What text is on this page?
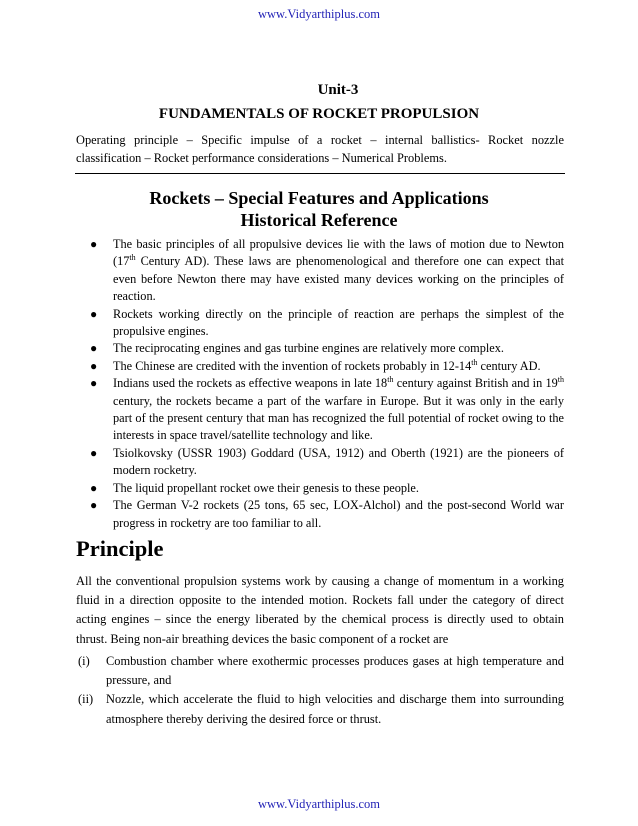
www.Vidyarthiplus.com
Unit-3
FUNDAMENTALS OF ROCKET PROPULSION
Operating principle – Specific impulse of a rocket – internal ballistics- Rocket nozzle classification – Rocket performance considerations – Numerical Problems.
Rockets – Special Features and Applications
Historical Reference
● The basic principles of all propulsive devices lie with the laws of motion due to Newton (17th Century AD). These laws are phenomenological and therefore one can expect that even before Newton there may have existed many devices working on the principles of reaction.
● Rockets working directly on the principle of reaction are perhaps the simplest of the propulsive engines.
● The reciprocating engines and gas turbine engines are relatively more complex.
● The Chinese are credited with the invention of rockets probably in 12-14th century AD.
● Indians used the rockets as effective weapons in late 18th century against British and in 19th century, the rockets became a part of the warfare in Europe. But it was only in the early part of the present century that man has recognized the full potential of rocket owing to the interests in space travel/satellite technology and like.
● Tsiolkovsky (USSR 1903) Goddard (USA, 1912) and Oberth (1921) are the pioneers of modern rocketry.
● The liquid propellant rocket owe their genesis to these people.
● The German V-2 rockets (25 tons, 65 sec, LOX-Alchol) and the post-second World war progress in rocketry are too familiar to all.
Principle

All the conventional propulsion systems work by causing a change of momentum in a working fluid in a direction opposite to the intended motion. Rockets fall under the category of direct acting engines – since the energy liberated by the chemical process is directly used to obtain thrust. Being non-air breathing devices the basic component of a rocket are

(i) Combustion chamber where exothermic processes produces gases at high temperature and pressure, and
(ii) Nozzle, which accelerate the fluid to high velocities and discharge them into surrounding atmosphere thereby deriving the desired force or thrust.
www.Vidyarthiplus.com
